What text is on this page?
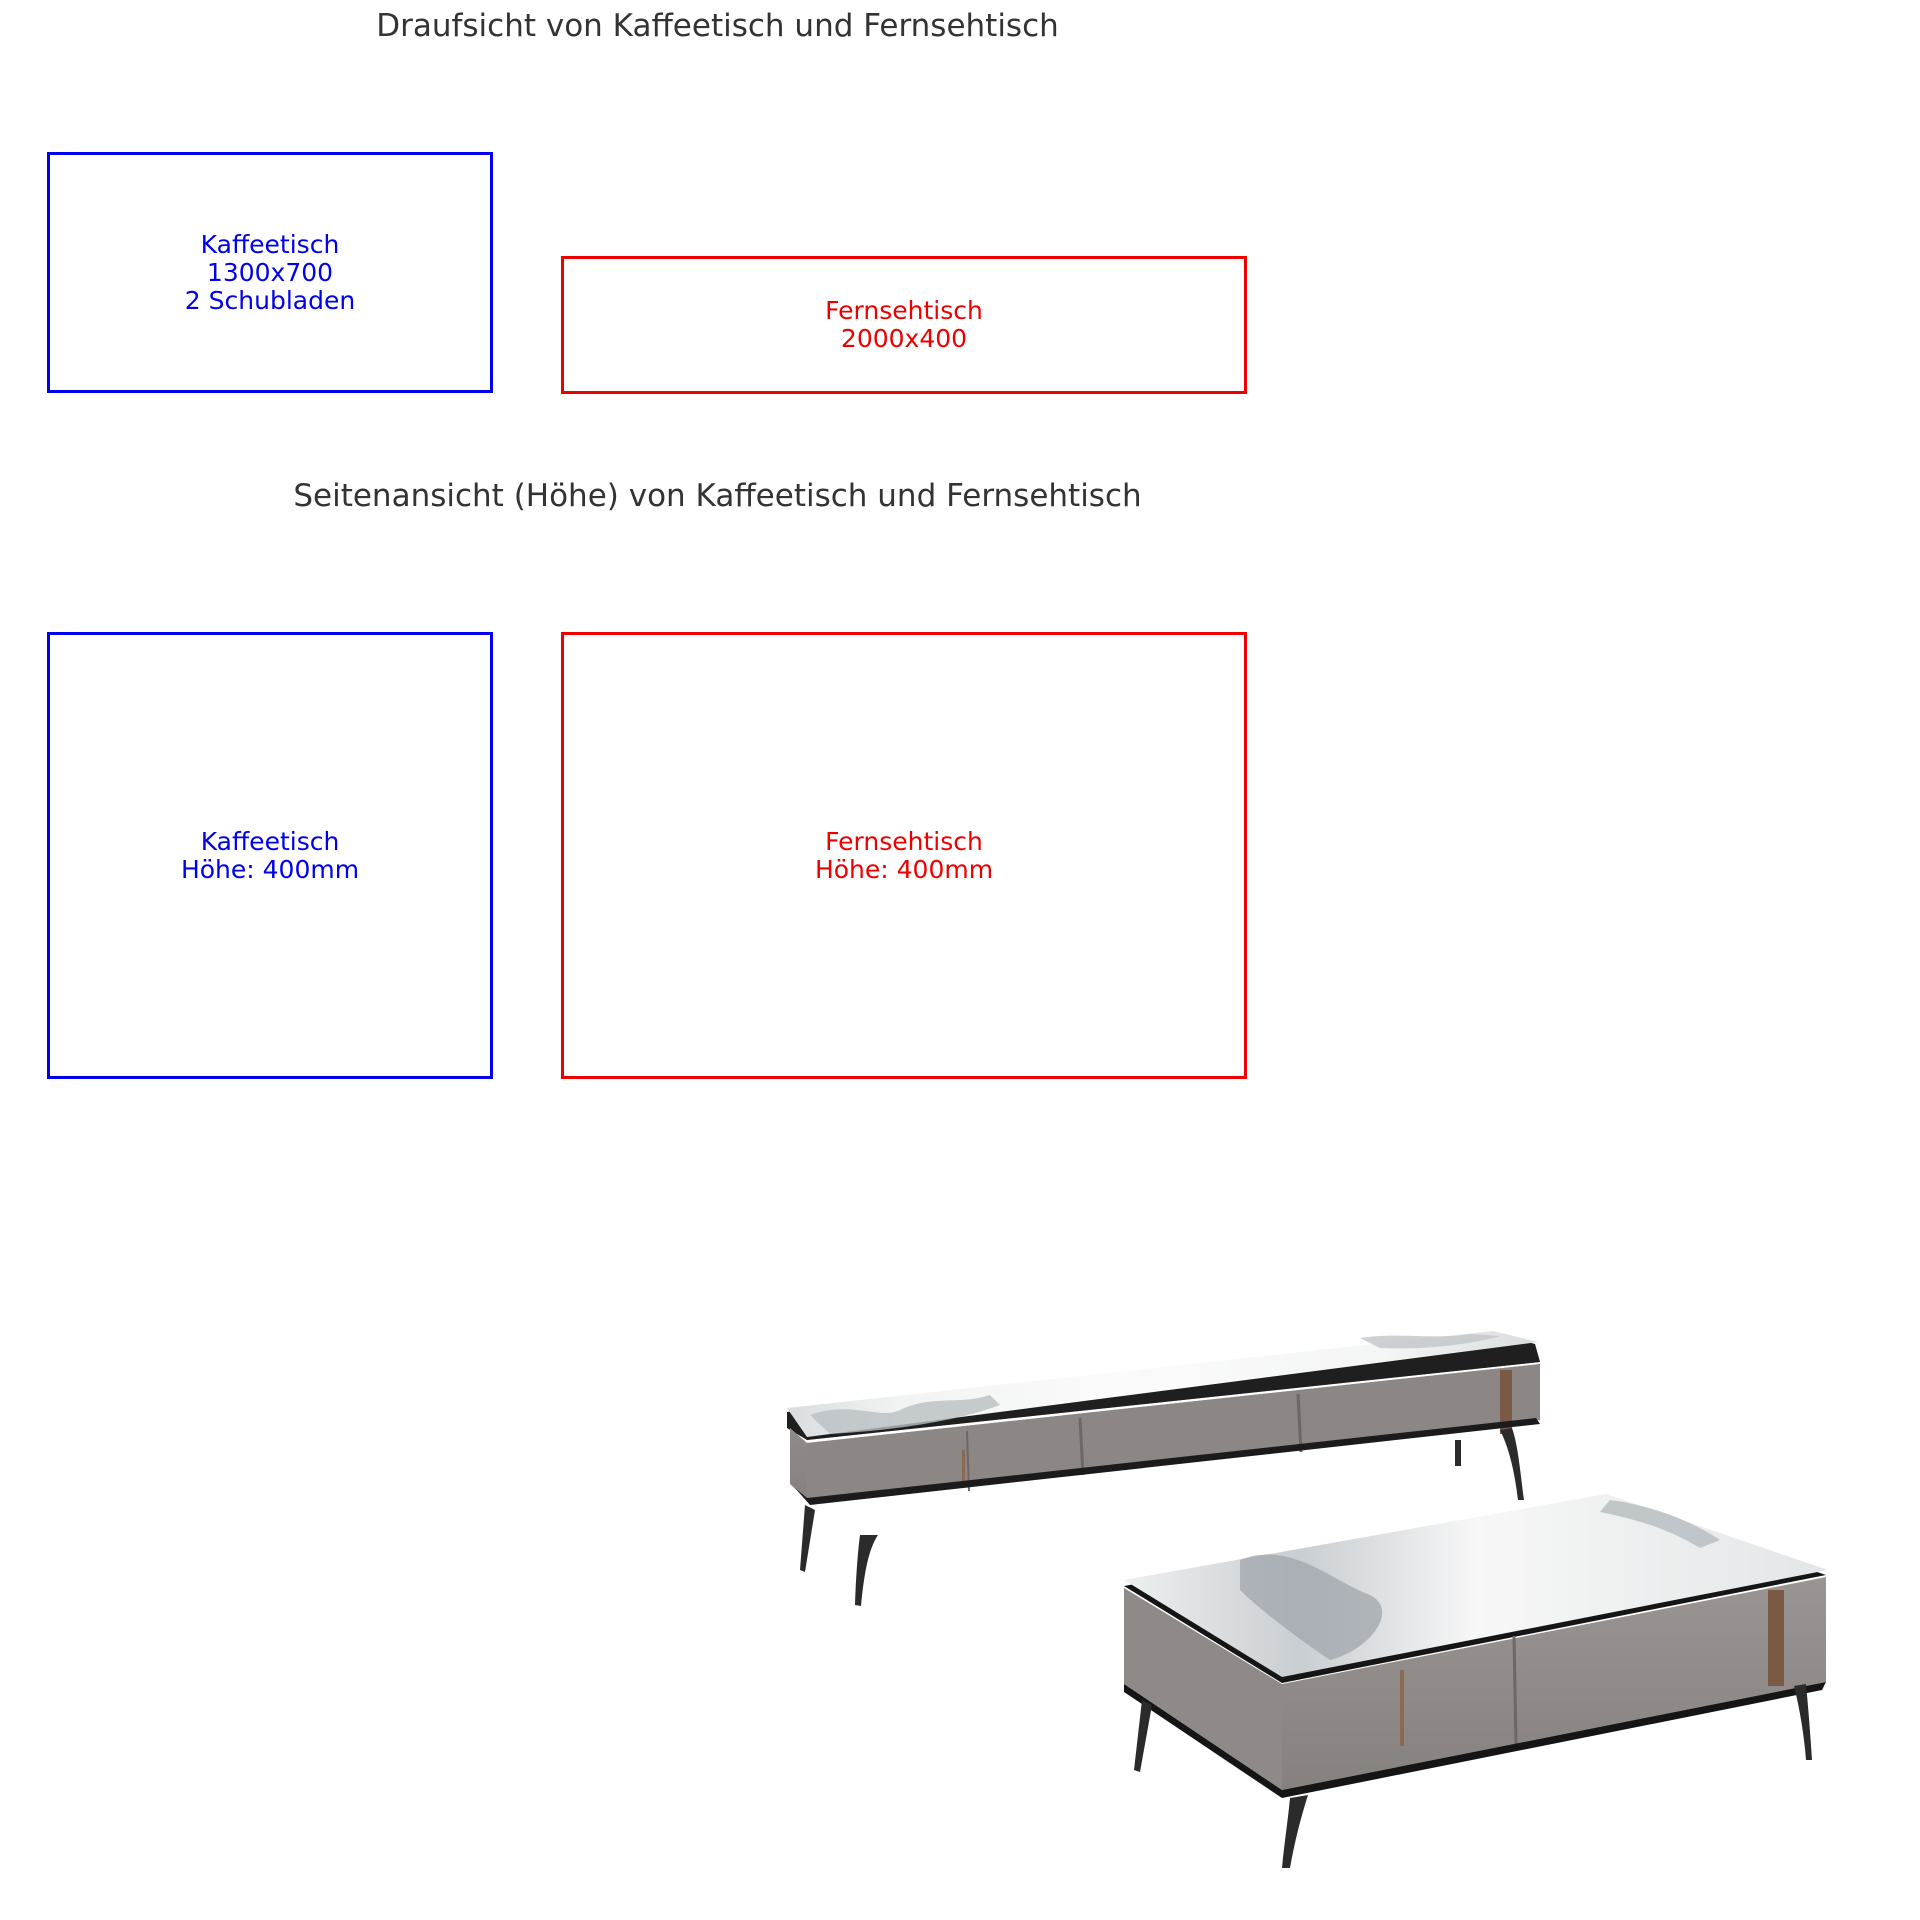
Draufsicht von Kaffeetisch und Fernsehtisch
Kaffeetisch
1300x700
2 Schubladen	Fernsehtisch
2000x400
Seitenansicht (Höhe) von Kaffeetisch und Fernsehtisch
Kaffeetisch
Höhe: 400mm
Fernsehtisch
Höhe: 400mm
